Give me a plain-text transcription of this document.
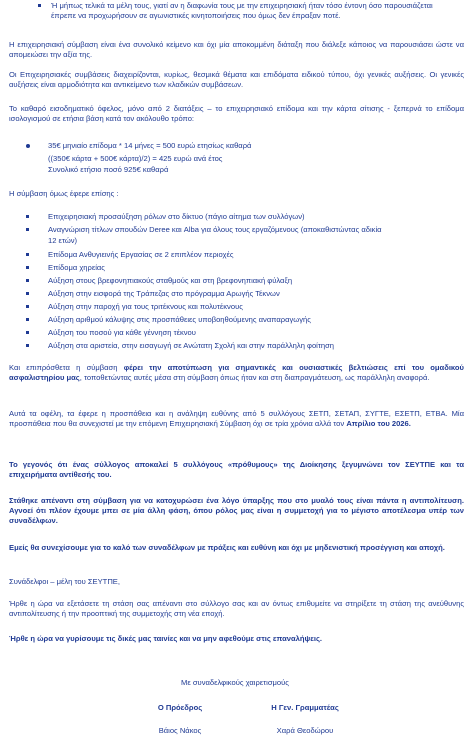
Ή μήπως τελικά τα μέλη τους, γιατί αν η διαφωνία τους με την επιχειρησιακή ήταν τόσο έντονη όσο παρουσιάζεται έπρεπε να προχωρήσουν σε αγωνιστικές κινητοποιήσεις που όμως δεν έπραξαν ποτέ.
Η επιχειρησιακή σύμβαση είναι ένα συνολικό κείμενο και όχι μία αποκομμένη διάταξη που διάλεξε κάποιος να παρουσιάσει ώστε να απομειώσει την αξία της.
Οι Επιχειρησιακές συμβάσεις διαχειρίζονται, κυρίως, θεσμικά θέματα και επιδόματα ειδικού τύπου, όχι γενικές αυξήσεις. Οι γενικές αυξήσεις είναι αρμοδιότητα και αντικείμενο των κλαδικών συμβάσεων.
Το καθαρό εισοδηματικό όφελος, μόνο από 2 διατάξεις – το επιχειρησιακό επίδομα και την κάρτα σίτισης - ξεπερνά το επίδομα ισολογισμού σε ετήσια βάση κατά τον ακόλουθο τρόπο:
35€ μηνιαίο επίδομα * 14 μήνες = 500 ευρώ ετησίως καθαρά
((350€ κάρτα + 500€ κάρτα)/2) = 425 ευρώ ανά έτος
Συνολικό ετήσιο ποσό 925€ καθαρά
Η σύμβαση όμως έφερε επίσης :
Επιχειρησιακή προσαύξηση ρόλων στο δίκτυο (πάγιο αίτημα των συλλόγων)
Αναγνώριση τίτλων σπουδών Deree και Alba για όλους τους εργαζόμενους (αποκαθιστώντας αδικία
12 ετών)
Επίδομα Ανθυγιεινής Εργασίας σε 2 επιπλέον περιοχές
Επίδομα χηρείας
Αύξηση στους βρεφονηπιακούς σταθμούς και στη βρεφονηπιακή φύλαξη
Αύξηση στην εισφορά της Τράπεζας στο πρόγραμμα Αρωγής Τέκνων
Αύξηση στην παροχή για τους τριτέκνους και πολυτέκνους
Αύξηση αριθμού κάλυψης στις προσπάθειες υποβοηθούμενης αναπαραγωγής
Αύξηση του ποσού για κάθε γέννηση τέκνου
Αύξηση στα αριστεία, στην εισαγωγή σε Ανώτατη Σχολή και στην παράλληλη φοίτηση
Και επιπρόσθετα η σύμβαση φέρει την αποτύπωση για σημαντικές και ουσιαστικές βελτιώσεις επί του ομαδικού ασφαλιστηρίου μας, τοποθετώντας αυτές μέσα στη σύμβαση όπως ήταν και στη διαπραγμάτευση, ως παράλληλη αναφορά.
Αυτά τα οφέλη, τα έφερε η προσπάθεια και η ανάληψη ευθύνης από 5 συλλόγους ΣΕΤΠ, ΣΕΤΑΠ, ΣΥΓΤΕ, ΕΣΕΤΠ, ΕΤΒΑ. Μία προσπάθεια που θα συνεχιστεί με την επόμενη Επιχειρησιακή Σύμβαση όχι σε τρία χρόνια αλλά τον Απρίλιο του 2026.
Το γεγονός ότι ένας σύλλογος αποκαλεί 5 συλλόγους «πρόθυμους» της Διοίκησης ξεγυμνώνει τον ΣΕΥΤΠΕ και τα επιχειρήματα αντίθεσής του.
Στάθηκε απέναντι στη σύμβαση για να κατοχυρώσει ένα λόγο ύπαρξης που στο μυαλό τους είναι πάντα η αντιπολίτευση. Αγνοεί ότι πλέον έχουμε μπει σε μία άλλη φάση, όπου ρόλος μας είναι η συμμετοχή για το μέγιστο αποτέλεσμα υπέρ των συναδέλφων.
Εμείς θα συνεχίσουμε για το καλό των συναδέλφων με πράξεις και ευθύνη και όχι με μηδενιστική προσέγγιση και αποχή.
Συνάδελφοι – μέλη του ΣΕΥΤΠΕ,
Ήρθε η ώρα να εξετάσετε τη στάση σας απέναντι στο σύλλογο σας και αν όντως επιθυμείτε να στηρίξετε τη στάση της ανεύθυνης αντιπολίτευσης ή την προοπτική της συμμετοχής στη νέα εποχή.
Ήρθε η ώρα να γυρίσουμε τις δικές μας ταινίες και να μην αφεθούμε στις επαναλήψεις.
Με συναδελφικούς χαιρετισμούς
Ο Πρόεδρος	Η Γεν. Γραμματέας
Βάιος Νάκος	Χαρά Θεοδώρου
